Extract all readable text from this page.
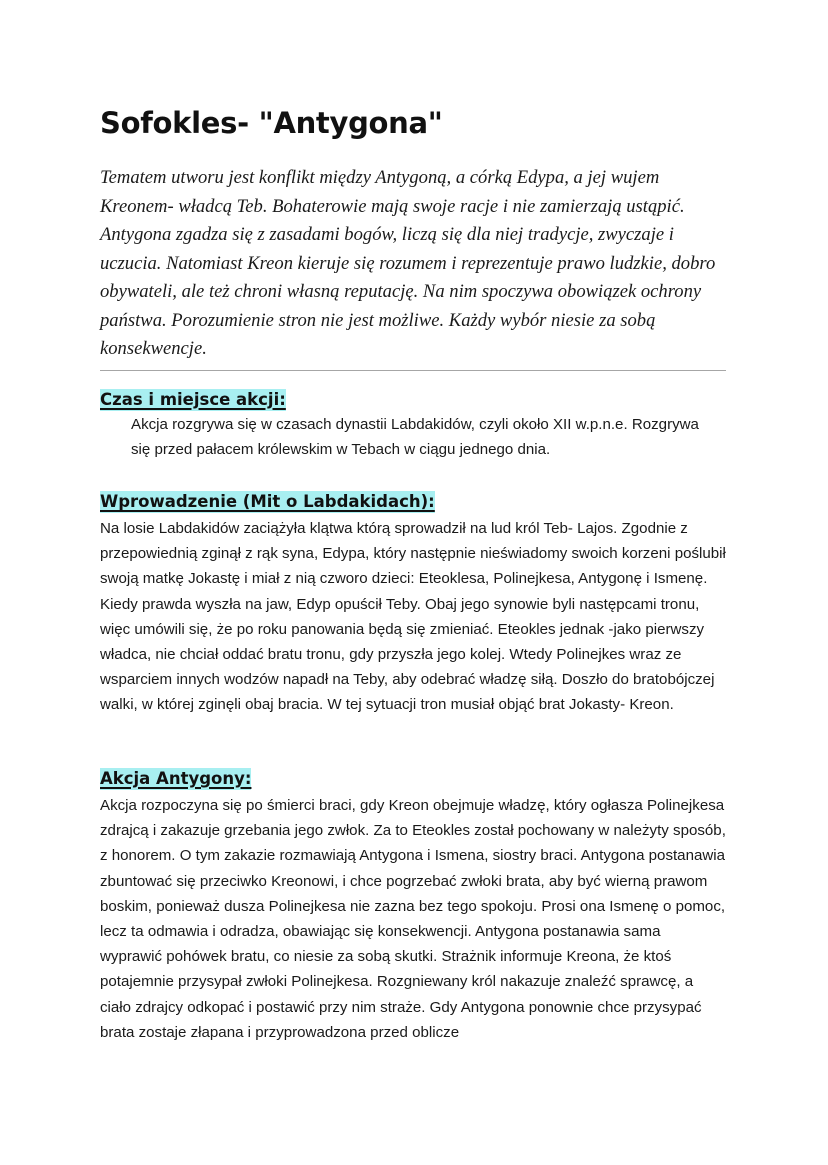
Sofokles- "Antygona"

Tematem utworu jest konflikt między Antygoną, a córką Edypa, a jej wujem Kreonem- władcą Teb. Bohaterowie mają swoje racje i nie zamierzają ustąpić. Antygona zgadza się z zasadami bogów, liczą się dla niej tradycje, zwyczaje i uczucia. Natomiast Kreon kieruje się rozumem i reprezentuje prawo ludzkie, dobro obywateli, ale też chroni własną reputację. Na nim spoczywa obowiązek ochrony państwa. Porozumienie stron nie jest możliwe. Każdy wybór niesie za sobą konsekwencje.

Czas i miejsce akcji:

Akcja rozgrywa się w czasach dynastii Labdakidów, czyli około XII w.p.n.e. Rozgrywa się przed pałacem królewskim w Tebach w ciągu jednego dnia.

Wprowadzenie (Mit o Labdakidach):

Na losie Labdakidów zaciążyła klątwa którą sprowadził na lud król Teb- Lajos. Zgodnie z przepowiednią zginął z rąk syna, Edypa, który następnie nieświadomy swoich korzeni poślubił swoją matkę Jokastę i miał z nią czworo dzieci: Eteoklesa, Polinejkesa, Antygonę i Ismenę. Kiedy prawda wyszła na jaw, Edyp opuścił Teby. Obaj jego synowie byli następcami tronu, więc umówili się, że po roku panowania będą się zmieniać. Eteokles jednak -jako pierwszy władca, nie chciał oddać bratu tronu, gdy przyszła jego kolej. Wtedy Polinejkes wraz ze wsparciem innych wodzów napadł na Teby, aby odebrać władzę siłą. Doszło do bratobójczej walki, w której zginęli obaj bracia. W tej sytuacji tron musiał objąć brat Jokasty- Kreon.

Akcja Antygony:

Akcja rozpoczyna się po śmierci braci, gdy Kreon obejmuje władzę, który ogłasza Polinejkesa zdrajcą i zakazuje grzebania jego zwłok. Za to Eteokles został pochowany w należyty sposób, z honorem. O tym zakazie rozmawiają Antygona i Ismena, siostry braci. Antygona postanawia zbuntować się przeciwko Kreonowi, i chce pogrzebać zwłoki brata, aby być wierną prawom boskim, ponieważ dusza Polinejkesa nie zazna bez tego spokoju. Prosi ona Ismenę o pomoc, lecz ta odmawia i odradza, obawiając się konsekwencji. Antygona postanawia sama wyprawić pohówek bratu, co niesie za sobą skutki. Strażnik informuje Kreona, że ktoś potajemnie przysypał zwłoki Polinejkesa. Rozgniewany król nakazuje znaleźć sprawcę, a ciało zdrajcy odkopać i postawić przy nim straże. Gdy Antygona ponownie chce przysypać brata zostaje złapana i przyprowadzona przed oblicze
